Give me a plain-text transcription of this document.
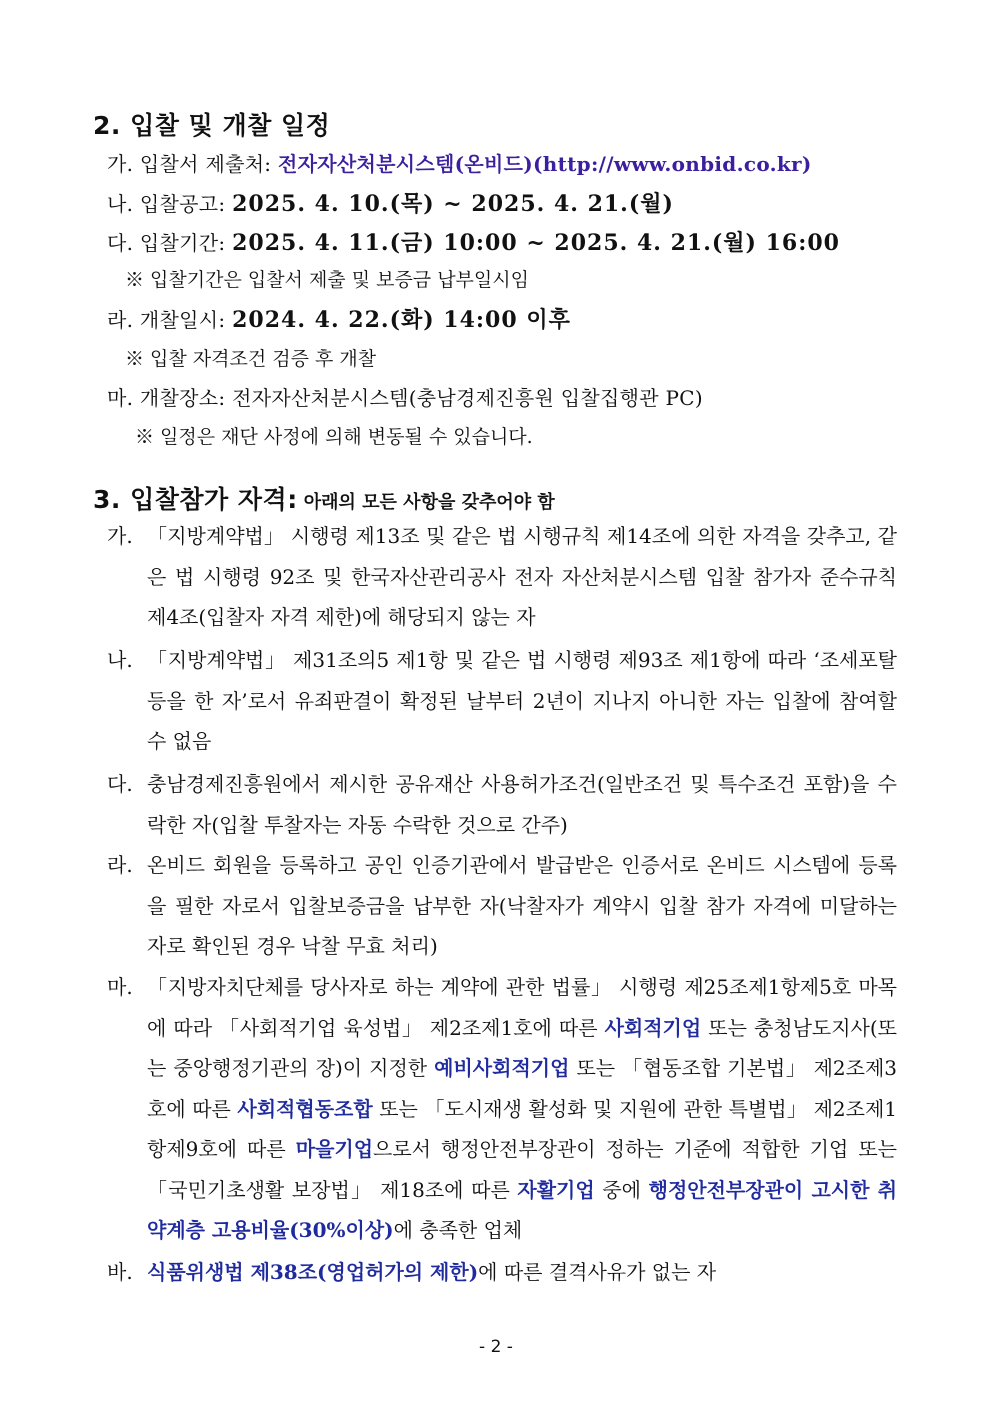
2. 입찰 및 개찰 일정
가. 입찰서 제출처: 전자자산처분시스템(온비드)(http://www.onbid.co.kr)
나. 입찰공고: 2025. 4. 10.(목) ~ 2025. 4. 21.(월)
다. 입찰기간: 2025. 4. 11.(금) 10:00 ~ 2025. 4. 21.(월) 16:00
※ 입찰기간은 입찰서 제출 및 보증금 납부일시임
라. 개찰일시: 2024. 4. 22.(화) 14:00 이후
※ 입찰 자격조건 검증 후 개찰
마. 개찰장소: 전자자산처분시스템(충남경제진흥원 입찰집행관 PC)
※ 일정은 재단 사정에 의해 변동될 수 있습니다.
3. 입찰참가 자격: 아래의 모든 사항을 갖추어야 함
가. 「지방계약법」 시행령 제13조 및 같은 법 시행규칙 제14조에 의한 자격을 갖추고, 같은 법 시행령 92조 및 한국자산관리공사 전자 자산처분시스템 입찰 참가자 준수규칙 제4조(입찰자 자격 제한)에 해당되지 않는 자
나. 「지방계약법」 제31조의5 제1항 및 같은 법 시행령 제93조 제1항에 따라 ‘조세포탈 등을 한 자’로서 유죄판결이 확정된 날부터 2년이 지나지 아니한 자는 입찰에 참여할 수 없음
다. 충남경제진흥원에서 제시한 공유재산 사용허가조건(일반조건 및 특수조건 포함)을 수락한 자(입찰 투찰자는 자동 수락한 것으로 간주)
라. 온비드 회원을 등록하고 공인 인증기관에서 발급받은 인증서로 온비드 시스템에 등록을 필한 자로서 입찰보증금을 납부한 자(낙찰자가 계약시 입찰 참가 자격에 미달하는 자로 확인된 경우 낙찰 무효 처리)
마. 「지방자치단체를 당사자로 하는 계약에 관한 법률」 시행령 제25조제1항제5호 마목에 따라 「사회적기업 육성법」 제2조제1호에 따른 사회적기업 또는 충청남도지사(또는 중앙행정기관의 장)이 지정한 예비사회적기업 또는 「협동조합 기본법」 제2조제3호에 따른 사회적협동조합 또는 「도시재생 활성화 및 지원에 관한 특별법」 제2조제1항제9호에 따른 마을기업으로서 행정안전부장관이 정하는 기준에 적합한 기업 또는 「국민기초생활 보장법」 제18조에 따른 자활기업 중에 행정안전부장관이 고시한 취약계층 고용비율(30%이상)에 충족한 업체
바. 식품위생법 제38조(영업허가의 제한)에 따른 결격사유가 없는 자
- 2 -
